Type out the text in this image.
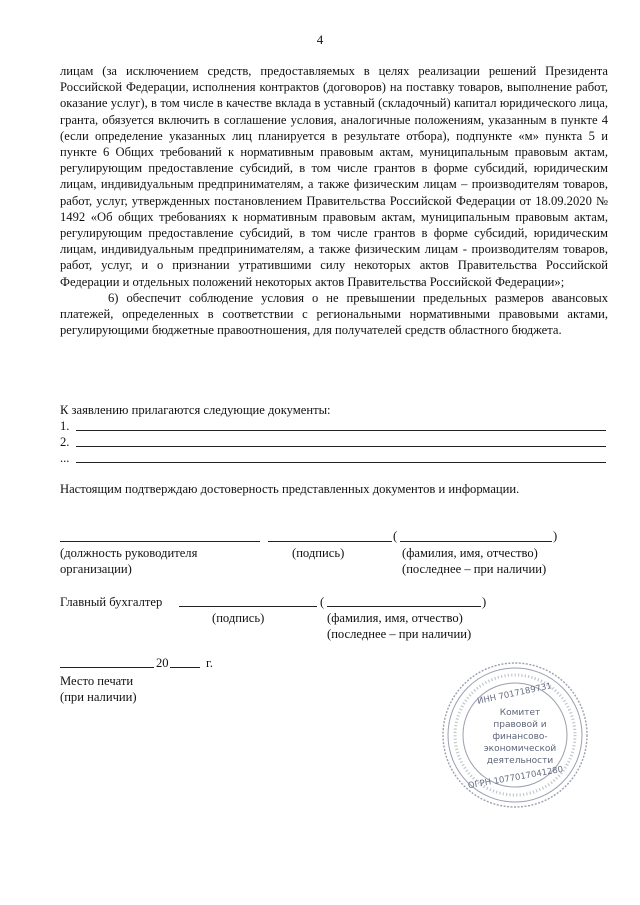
4

лицам (за исключением средств, предоставляемых в целях реализации решений Президента Российской Федерации, исполнения контрактов (договоров) на поставку товаров, выполнение работ, оказание услуг), в том числе в качестве вклада в уставный (складочный) капитал юридического лица, гранта, обязуется включить в соглашение условия, аналогичные положениям, указанным в пункте 4 (если определение указанных лиц планируется в результате отбора), подпункте «м» пункта 5 и пункте 6 Общих требований к нормативным правовым актам, муниципальным правовым актам, регулирующим предоставление субсидий, в том числе грантов в форме субсидий, юридическим лицам, индивидуальным предпринимателям, а также физическим лицам – производителям товаров, работ, услуг, утвержденных постановлением Правительства Российской Федерации от 18.09.2020 № 1492 «Об общих требованиях к нормативным правовым актам, муниципальным правовым актам, регулирующим предоставление субсидий, в том числе грантов в форме субсидий, юридическим лицам, индивидуальным предпринимателям, а также физическим лицам - производителям товаров, работ, услуг, и о признании утратившими силу некоторых актов Правительства Российской Федерации и отдельных положений некоторых актов Правительства Российской Федерации»;

6) обеспечит соблюдение условия о не превышении предельных размеров авансовых платежей, определенных в соответствии с региональными нормативными правовыми актами, регулирующими бюджетные правоотношения, для получателей средств областного бюджета.

К заявлению прилагаются следующие документы:
1.
2.
...
Настоящим подтверждаю достоверность представленных документов и информации.
(	)
(должность руководителя
организации)
(подпись)	(фамилия, имя, отчество)
(последнее – при наличии)
Главный бухгалтер	(	)
(подпись)	(фамилия, имя, отчество)
(последнее – при наличии)
20	г.
Место печати
(при наличии)	ИНН 7017189731
Комитет
правовой и
финансово-
экономической
деятельности
ОГРН 1077017041280
